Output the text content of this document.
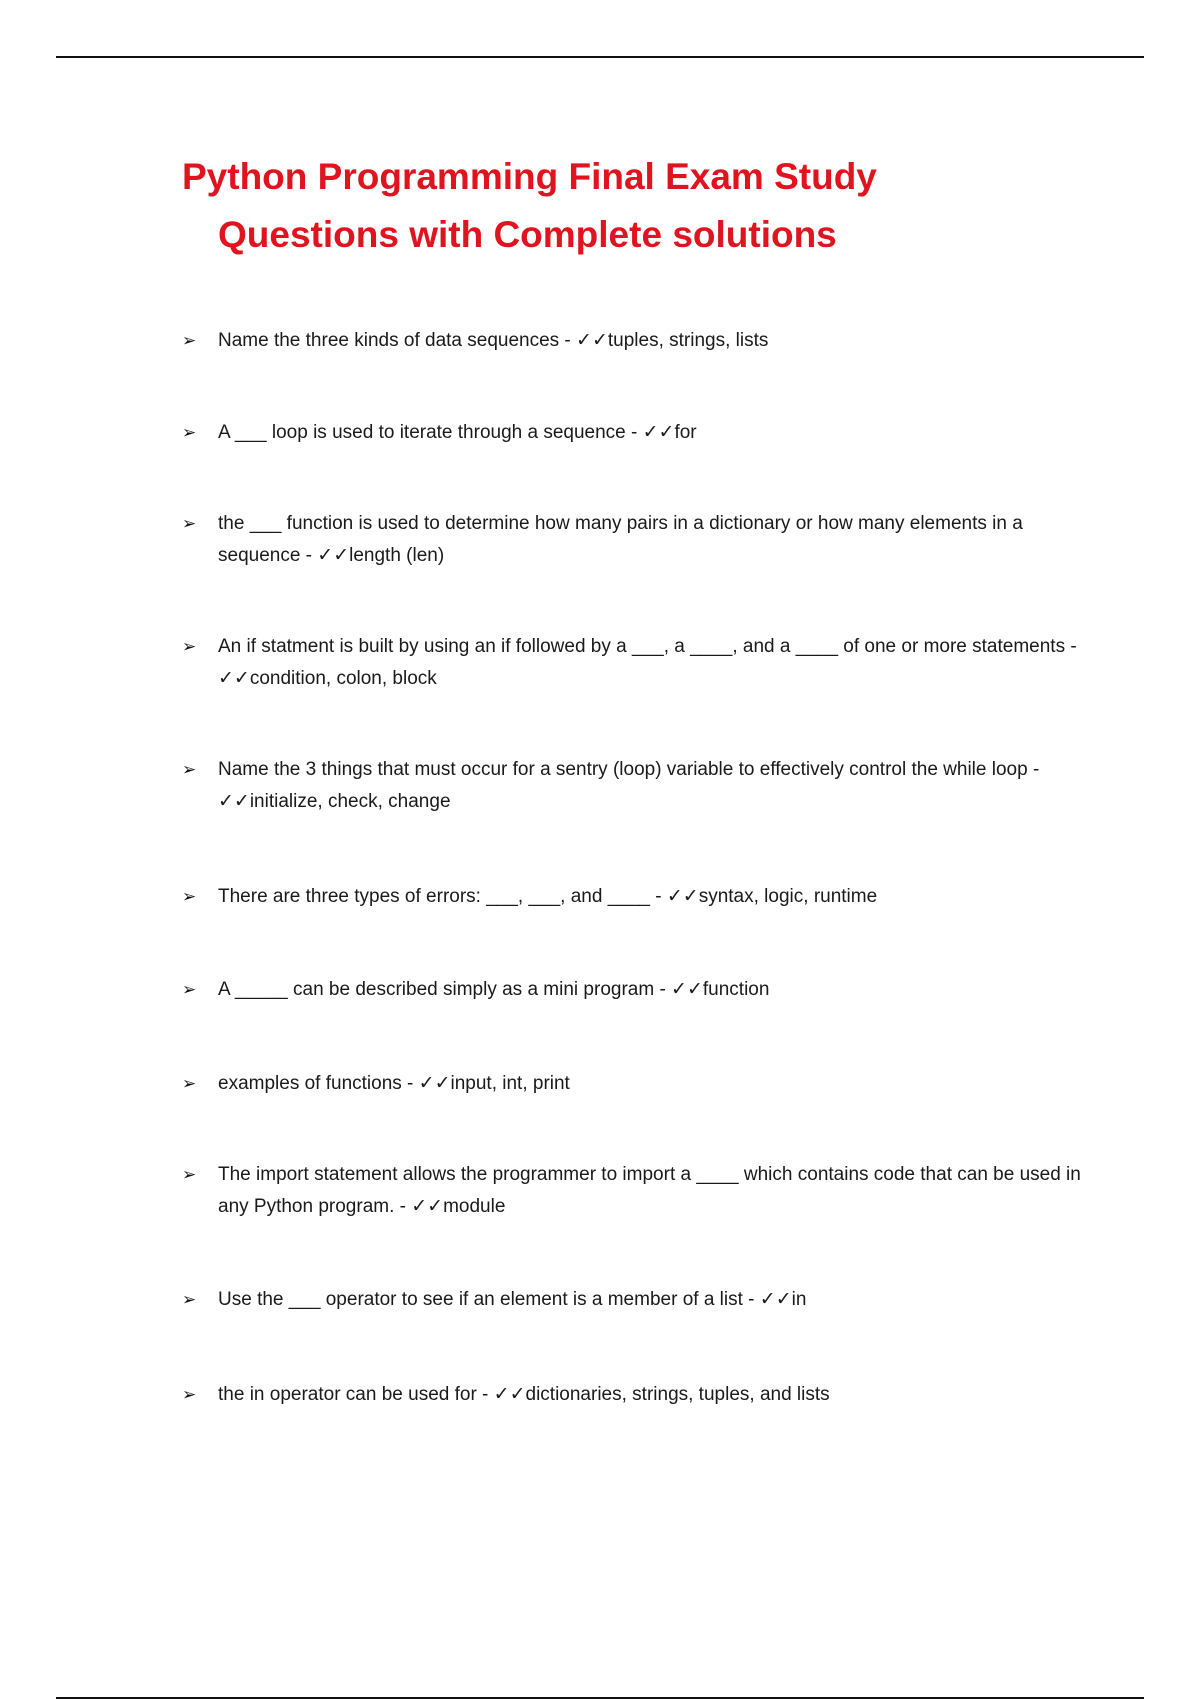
Python Programming Final Exam Study
Questions with Complete solutions
➢	Name the three kinds of data sequences - ✓✓tuples, strings, lists
➢	A ___ loop is used to iterate through a sequence - ✓✓for
➢	the ___ function is used to determine how many pairs in a dictionary or how many elements in a sequence - ✓✓length (len)
➢	An if statment is built by using an if followed by a ___, a ____, and a ____ of one or more statements - ✓✓condition, colon, block
➢	Name the 3 things that must occur for a sentry (loop) variable to effectively control the while loop - ✓✓initialize, check, change
➢	There are three types of errors: ___, ___, and ____ - ✓✓syntax, logic, runtime
➢	A _____ can be described simply as a mini program - ✓✓function
➢	examples of functions - ✓✓input, int, print
➢	The import statement allows the programmer to import a ____ which contains code that can be used in any Python program. - ✓✓module
➢	Use the ___ operator to see if an element is a member of a list - ✓✓in
➢	the in operator can be used for - ✓✓dictionaries, strings, tuples, and lists
